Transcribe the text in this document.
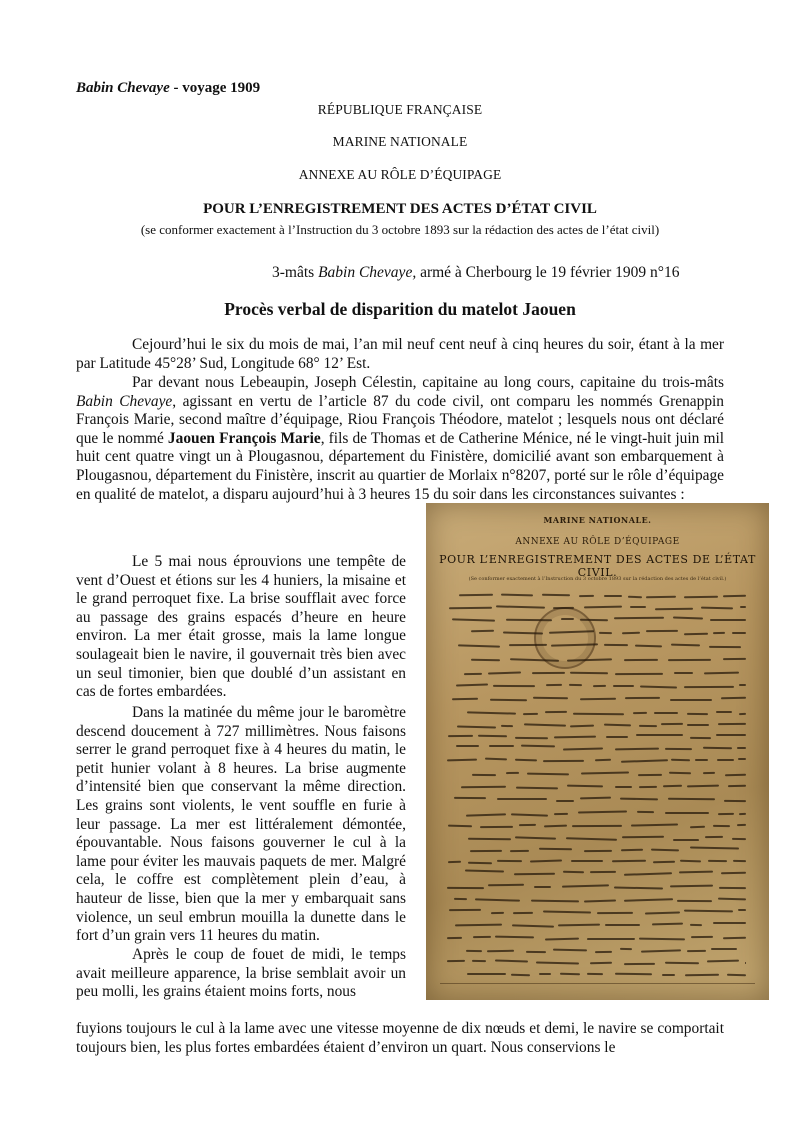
Babin Chevaye - voyage 1909

RÉPUBLIQUE FRANÇAISE

MARINE NATIONALE

ANNEXE AU RÔLE D’ÉQUIPAGE

POUR L’ENREGISTREMENT DES ACTES D’ÉTAT CIVIL

(se conformer exactement à l’Instruction du 3 octobre 1893 sur la rédaction des actes de l’état civil)

3-mâts Babin Chevaye, armé à Cherbourg le 19 février 1909 n°16

Procès verbal de disparition du matelot Jaouen

Cejourd’hui le six du mois de mai, l’an mil neuf cent neuf à cinq heures du soir, étant à la mer par Latitude 45°28’ Sud, Longitude 68° 12’ Est.

Par devant nous Lebeaupin, Joseph Célestin, capitaine au long cours, capitaine du trois-mâts Babin Chevaye, agissant en vertu de l’article 87 du code civil, ont comparu les nommés Grenappin François Marie, second maître d’équipage, Riou François Théodore, matelot ; lesquels nous ont déclaré que le nommé Jaouen François Marie, fils de Thomas et de Catherine Ménice, né le vingt-huit juin mil huit cent quatre vingt un à Plougasnou, département du Finistère, domicilié avant son embarquement à Plougasnou, département du Finistère, inscrit au quartier de Morlaix n°8207, porté sur le rôle d’équipage en qualité de matelot, a disparu aujourd’hui à 3 heures 15 du soir dans les circonstances suivantes :

Le 5 mai nous éprouvions une tempête de vent d’Ouest et étions sur les 4 huniers, la misaine et le grand perroquet fixe. La brise soufflait avec force au passage des grains espacés d’heure en heure environ. La mer était grosse, mais la lame longue soulageait bien le navire, il gouvernait très bien avec un seul timonier, bien que doublé d’un assistant en cas de fortes embardées.

Dans la matinée du même jour le baromètre descend doucement à 727 millimètres. Nous faisons serrer le grand perroquet fixe à 4 heures du matin, le petit hunier volant à 8 heures. La brise augmente d’intensité bien que conservant la même direction. Les grains sont violents, le vent souffle en furie à leur passage. La mer est littéralement démontée, épouvantable. Nous faisons gouverner le cul à la lame pour éviter les mauvais paquets de mer. Malgré cela, le coffre est complètement plein d’eau, à hauteur de lisse, bien que la mer y embarquait sans violence, un seul embrun mouilla la dunette dans le fort d’un grain vers 11 heures du matin.

Après le coup de fouet de midi, le temps avait meilleure apparence, la brise semblait avoir un peu molli, les grains étaient moins forts, nous

fuyions toujours le cul à la lame avec une vitesse moyenne de dix nœuds et demi, le navire se comportait toujours bien, les plus fortes embardées étaient d’environ un quart. Nous conservions le

MARINE NATIONALE.
ANNEXE AU RÔLE D’ÉQUIPAGE
POUR L’ENREGISTREMENT DES ACTES DE L’ÉTAT CIVIL.
(Se conformer exactement à l’Instruction du 3 octobre 1893 sur la rédaction des actes de l’état civil.)
